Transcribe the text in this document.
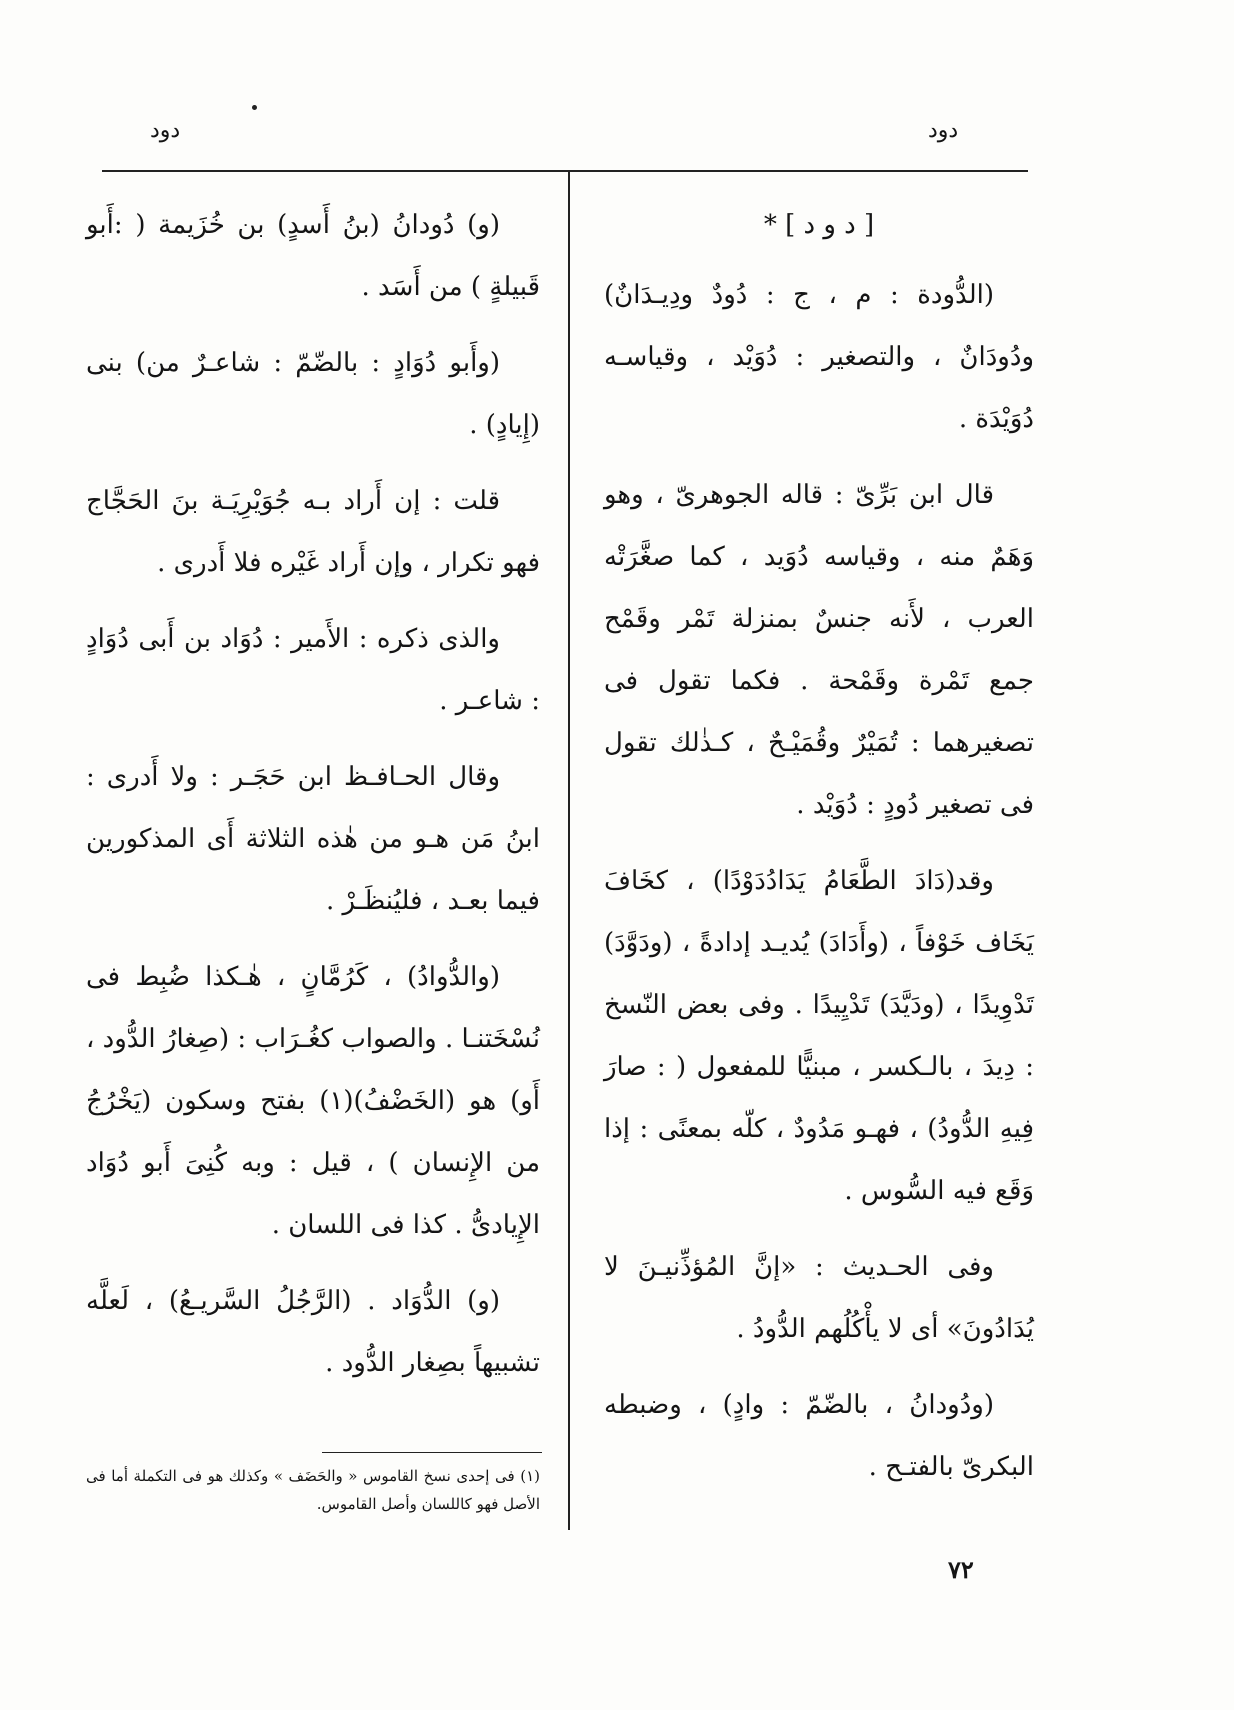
دود
دود
[ د و د ] *

(الدُّودة : م ، ج : دُودٌ ودِيـدَانٌ) ودُودَانٌ ، والتصغير : دُوَيْد ، وقياسـه دُوَيْدَة .

قال ابن بَرِّىّ : قاله الجوهرىّ ، وهو وَهَمٌ منه ، وقياسه دُوَيد ، كما صغَّرَتْه العرب ، لأَنه جنسٌ بمنزلة تَمْر وقَمْح جمع تَمْرة وقَمْحة . فكما تقول فى تصغيرهما : تُمَيْرٌ وقُمَيْـحٌ ، كـذٰلك تقول فى تصغير دُودٍ : دُوَيْد .

وقد(دَادَ الطَّعَامُ يَدَادُدَوْدًا) ، كخَافَ يَخَاف خَوْفاً ، (وأَدَادَ) يُديـد إدادةً ، (ودَوَّدَ) تَدْوِيدًا ، (ودَيَّدَ) تَدْيِيدًا . وفى بعض النّسخ : دِيدَ ، بالـكسر ، مبنيًّا للمفعول ( : صارَ فِيهِ الدُّودُ) ، فهـو مَدُودٌ ، كلّه بمعنًى : إذا وَقَع فيه السُّوس .

وفى الحـديث : «إنَّ المُؤذِّنيـنَ لا يُدَادُونَ» أى لا يأْكُلُهم الدُّودُ .

(ودُودانُ ، بالضّمّ : وادٍ) ، وضبطه البكرىّ بالفتـح .

(و) دُودانُ (بنُ أَسدٍ) بن خُزَيمة ( :أَبو قَبيلةٍ ) من أَسَد .

(وأَبو دُوَادٍ : بالضّمّ : شاعـرٌ من) بنى (إِيادٍ) .

قلت : إن أَراد بـه جُوَيْرِيَـة بنَ الحَجَّاج فهو تكرار ، وإن أَراد غَيْره فلا أَدرى .

والذى ذكره : الأَمير : دُوَاد بن أَبى دُوَادٍ : شاعـر .

وقال الحـافـظ ابن حَجَـر : ولا أَدرى : ابنُ مَن هـو من هٰذه الثلاثة أَى المذكورين فيما بعـد ، فليُنظَـرْ .

(والدُّوادُ) ، كَرُمَّانٍ ، هٰـكذا ضُبِط فى نُسْخَتنـا . والصواب كغُـرَاب : (صِغارُ الدُّود ، أَو) هو (الخَضْفُ)(١) بفتح وسكون (يَخْرُجُ من الإِنسان ) ، قيل : وبه كُنِىَ أَبو دُوَاد الإِيادىُّ . كذا فى اللسان .

(و) الدُّوَاد . (الرَّجُلُ السَّريـعُ) ، لَعلَّه تشبيهاً بصِغار الدُّود .

(١) فى إحدى نسخ القاموس « والحَضَف » وكذلك هو فى التكملة أما فى الأصل فهو كاللسان وأصل القاموس.
٧٢
